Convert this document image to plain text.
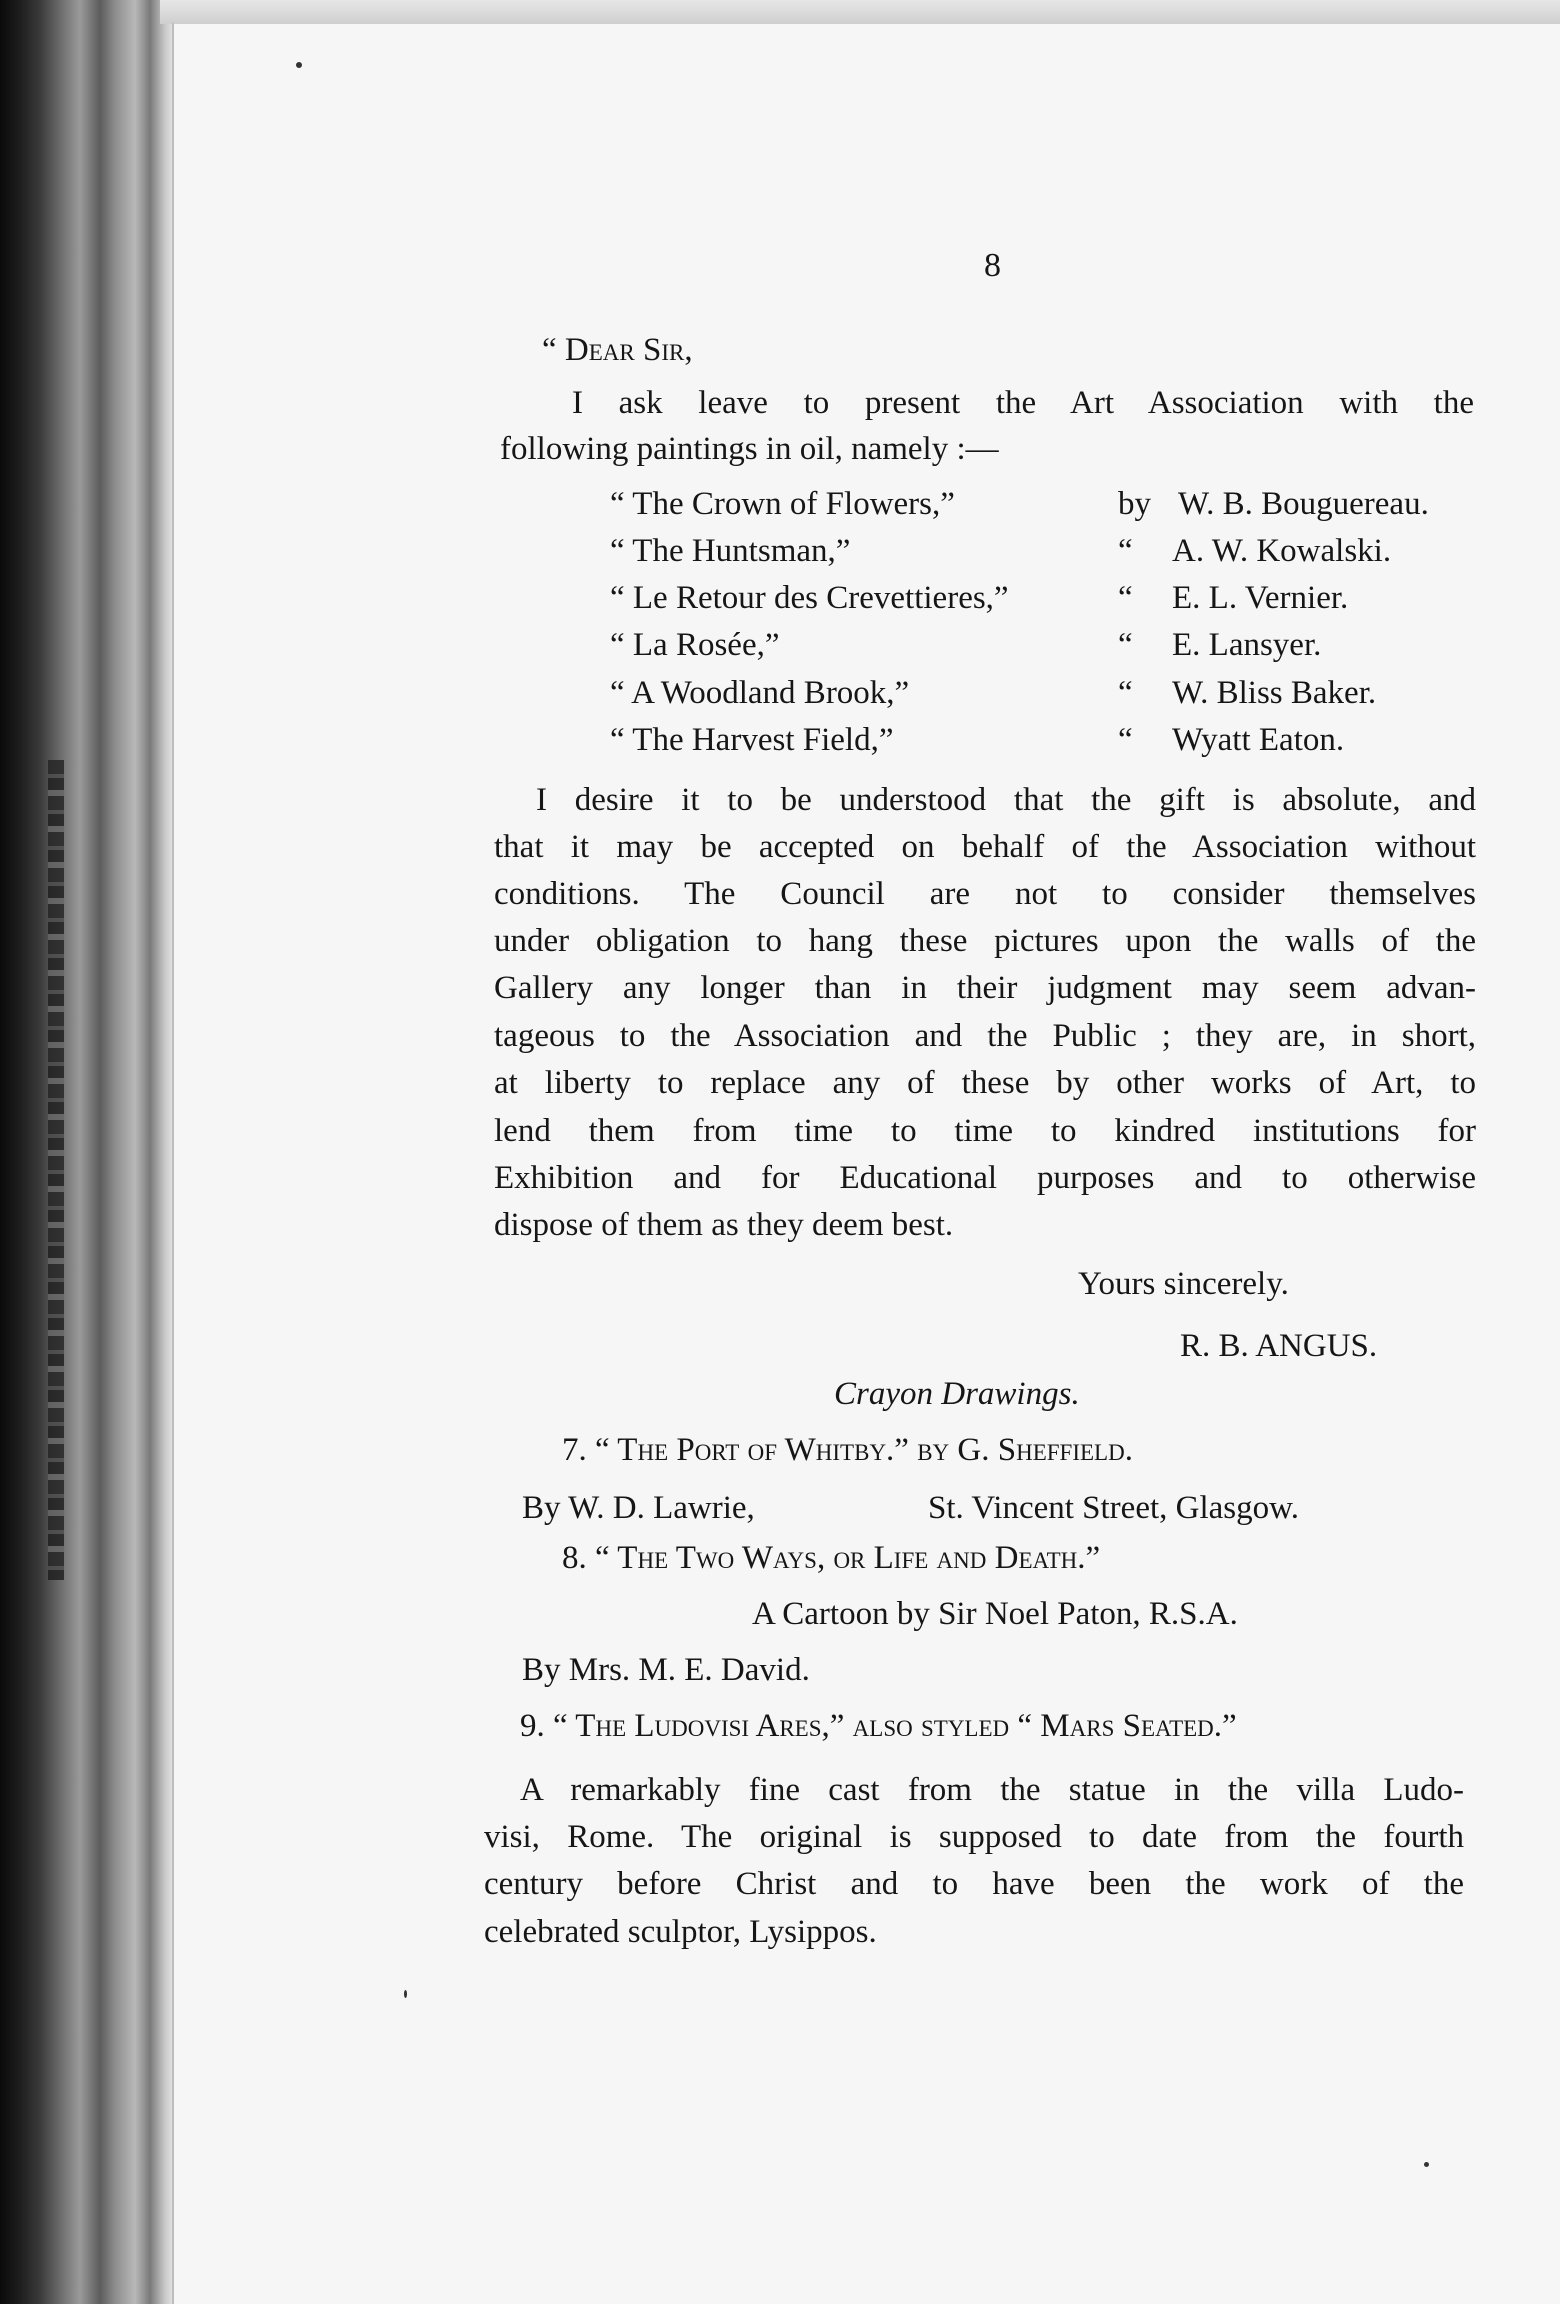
8
“ Dear Sir,
I ask leave to present the Art Association with the
following paintings in oil, namely :—
“ The Crown of Flowers,”	by W. B. Bouguereau.
“ The Huntsman,”	“ A. W. Kowalski.
“ Le Retour des Crevettieres,”	“ E. L. Vernier.
“ La Rosée,”	“ E. Lansyer.
“ A Woodland Brook,”	“ W. Bliss Baker.
“ The Harvest Field,”	“ Wyatt Eaton.
I desire it to be understood that the gift is absolute, and
that it may be accepted on behalf of the Association without
conditions. The Council are not to consider themselves
under obligation to hang these pictures upon the walls of the
Gallery any longer than in their judgment may seem advan-
tageous to the Association and the Public ; they are, in short,
at liberty to replace any of these by other works of Art, to
lend them from time to time to kindred institutions for
Exhibition and for Educational purposes and to otherwise
dispose of them as they deem best.
Yours sincerely.
R. B. ANGUS.
Crayon Drawings.
7. “ The Port of Whitby.” by G. Sheffield.
By W. D. Lawrie,	St. Vincent Street, Glasgow.
8. “ The Two Ways, or Life and Death.”
A Cartoon by Sir Noel Paton, R.S.A.
By Mrs. M. E. David.
9. “ The Ludovisi Ares,” also styled “ Mars Seated.”
A remarkably fine cast from the statue in the villa Ludo-
visi, Rome. The original is supposed to date from the fourth
century before Christ and to have been the work of the
celebrated sculptor, Lysippos.
